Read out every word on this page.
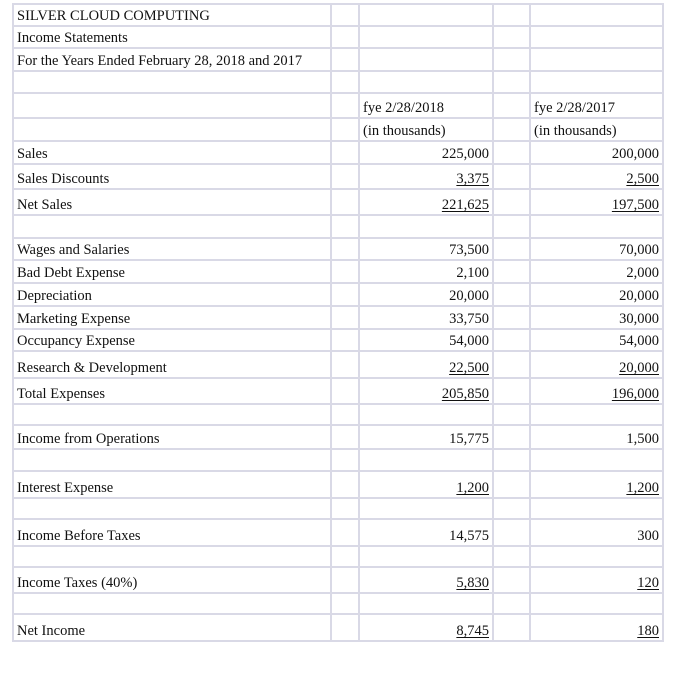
SILVER CLOUD COMPUTING				
Income Statements				
For the Years Ended February 28, 2018 and 2017				

		fye 2/28/2018		fye 2/28/2017
		(in thousands)		(in thousands)
Sales		225,000		200,000
Sales Discounts		3,375		2,500
Net Sales		221,625		197,500

Wages and Salaries		73,500		70,000
Bad Debt Expense		2,100		2,000
Depreciation		20,000		20,000
Marketing Expense		33,750		30,000
Occupancy Expense		54,000		54,000
Research & Development		22,500		20,000
Total Expenses		205,850		196,000

Income from Operations		15,775		1,500

Interest Expense		1,200		1,200

Income Before Taxes		14,575		300

Income Taxes (40%)		5,830		120

Net Income		8,745		180
